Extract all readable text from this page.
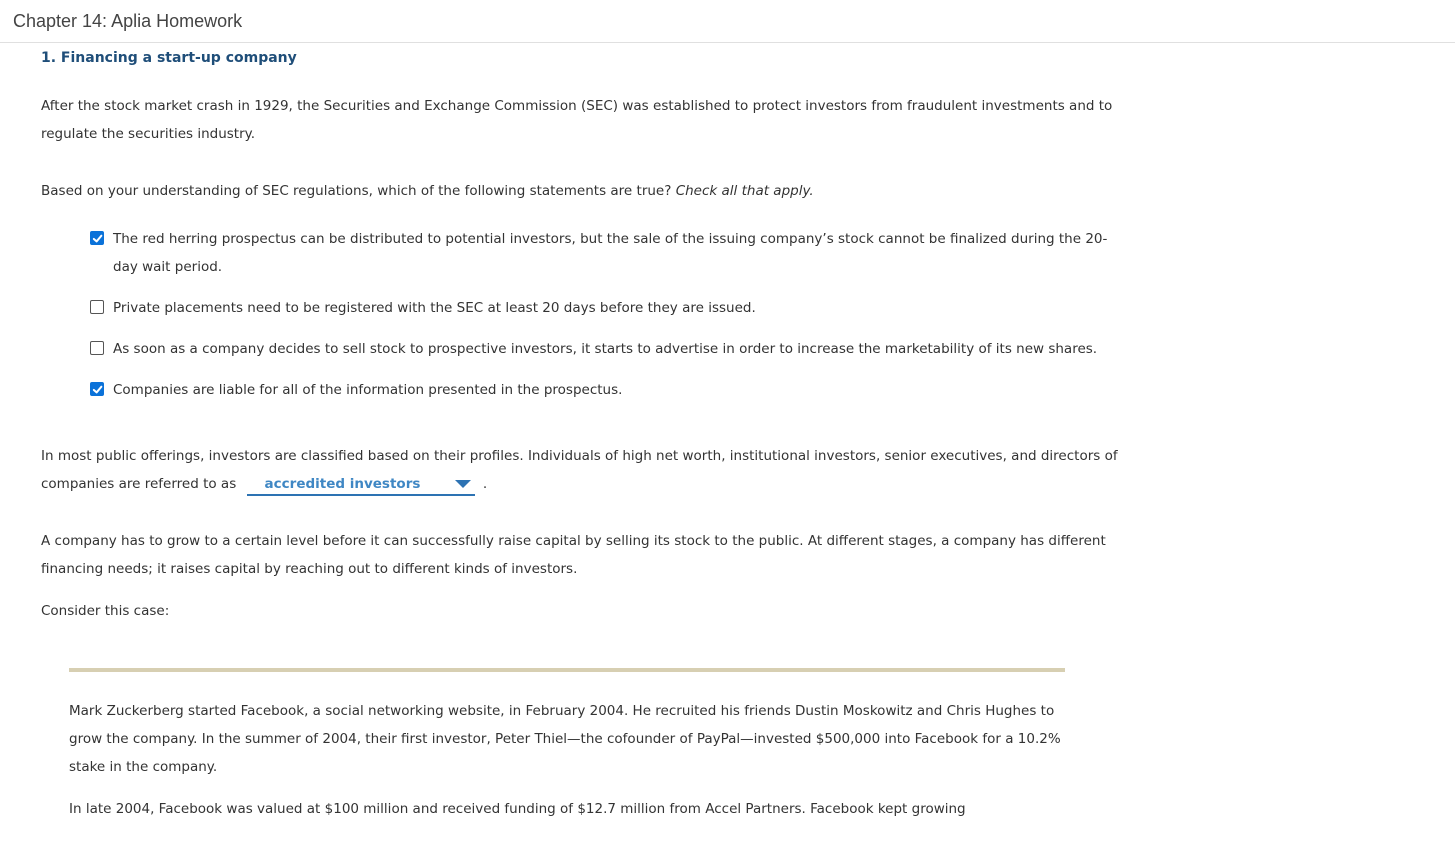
Chapter 14: Aplia Homework
1. Financing a start-up company
After the stock market crash in 1929, the Securities and Exchange Commission (SEC) was established to protect investors from fraudulent investments and to regulate the securities industry.
Based on your understanding of SEC regulations, which of the following statements are true? Check all that apply.
The red herring prospectus can be distributed to potential investors, but the sale of the issuing company’s stock cannot be finalized during the 20-day wait period.
Private placements need to be registered with the SEC at least 20 days before they are issued.
As soon as a company decides to sell stock to prospective investors, it starts to advertise in order to increase the marketability of its new shares.
Companies are liable for all of the information presented in the prospectus.
In most public offerings, investors are classified based on their profiles. Individuals of high net worth, institutional investors, senior executives, and directors of companies are referred to as	accredited investors	.
A company has to grow to a certain level before it can successfully raise capital by selling its stock to the public. At different stages, a company has different financing needs; it raises capital by reaching out to different kinds of investors.
Consider this case:
Mark Zuckerberg started Facebook, a social networking website, in February 2004. He recruited his friends Dustin Moskowitz and Chris Hughes to grow the company. In the summer of 2004, their first investor, Peter Thiel—the cofounder of PayPal—invested $500,000 into Facebook for a 10.2% stake in the company.
In late 2004, Facebook was valued at $100 million and received funding of $12.7 million from Accel Partners. Facebook kept growing
